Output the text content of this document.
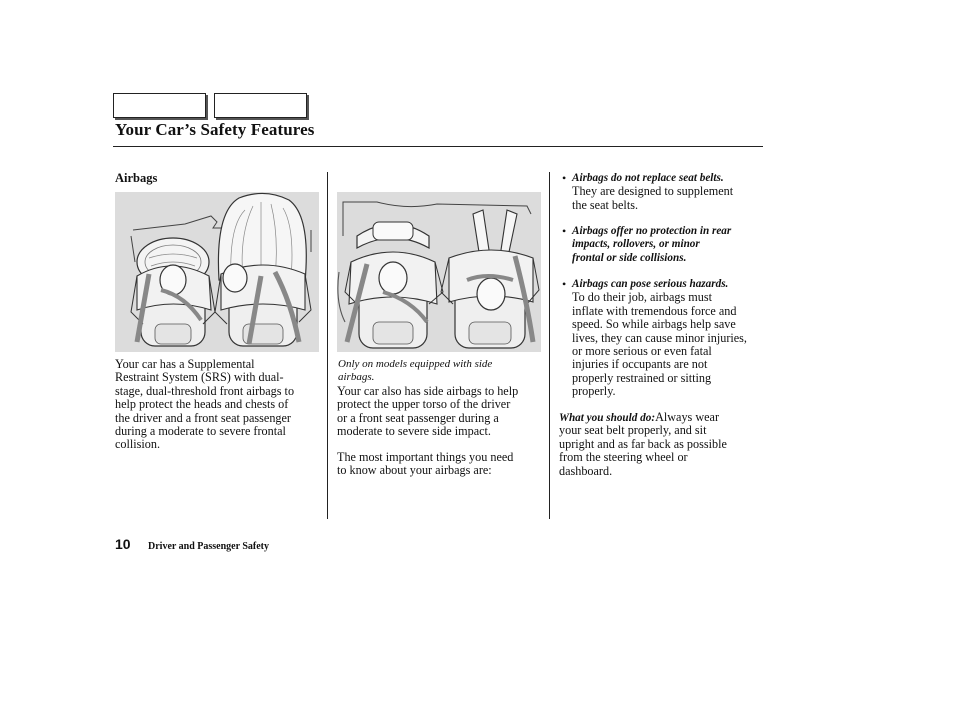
Your Car’s Safety Features
Airbags
Your car has a Supplemental
Restraint System (SRS) with dual-
stage, dual-threshold front airbags to
help protect the heads and chests of
the driver and a front seat passenger
during a moderate to severe frontal
collision.
Only on models equipped with side
airbags.
Your car also has side airbags to help
protect the upper torso of the driver
or a front seat passenger during a
moderate to severe side impact.
The most important things you need
to know about your airbags are:
• Airbags do not replace seat belts.
They are designed to supplement
the seat belts.
• Airbags offer no protection in rear
impacts, rollovers, or minor
frontal or side collisions.
• Airbags can pose serious hazards.
To do their job, airbags must
inflate with tremendous force and
speed. So while airbags help save
lives, they can cause minor injuries,
or more serious or even fatal
injuries if occupants are not
properly restrained or sitting
properly.
What you should do:Always wear
your seat belt properly, and sit
upright and as far back as possible
from the steering wheel or
dashboard.
10 Driver and Passenger Safety
